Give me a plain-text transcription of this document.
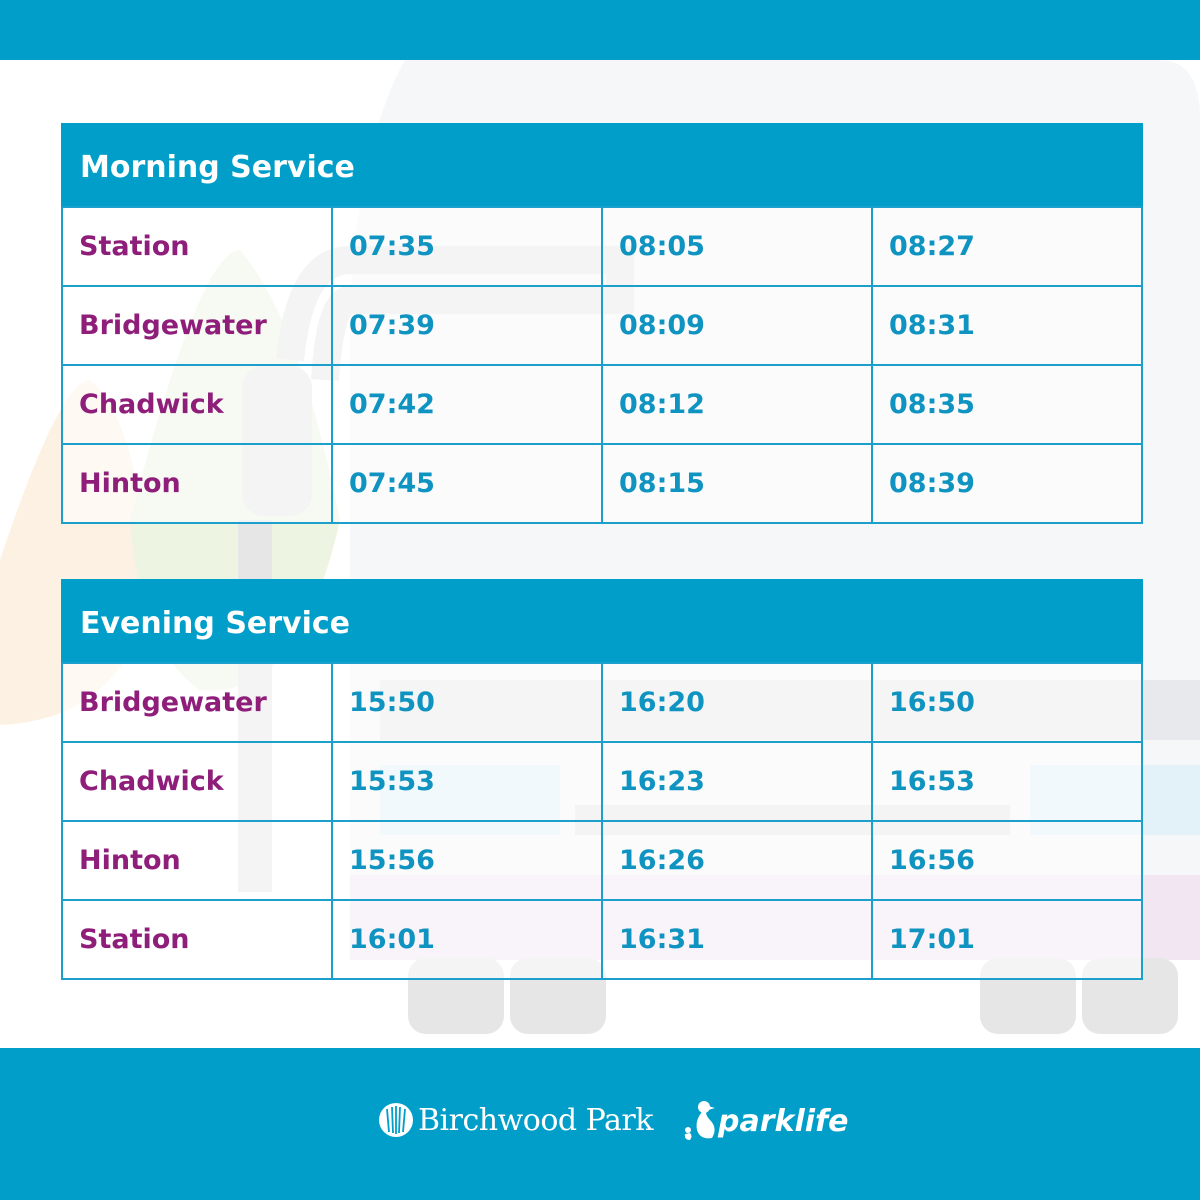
Morning Service
Station	07:35	08:05	08:27
Bridgewater	07:39	08:09	08:31
Chadwick	07:42	08:12	08:35
Hinton	07:45	08:15	08:39
Evening Service
Bridgewater	15:50	16:20	16:50
Chadwick	15:53	16:23	16:53
Hinton	15:56	16:26	16:56
Station	16:01	16:31	17:01
Birchwood Park parklife
